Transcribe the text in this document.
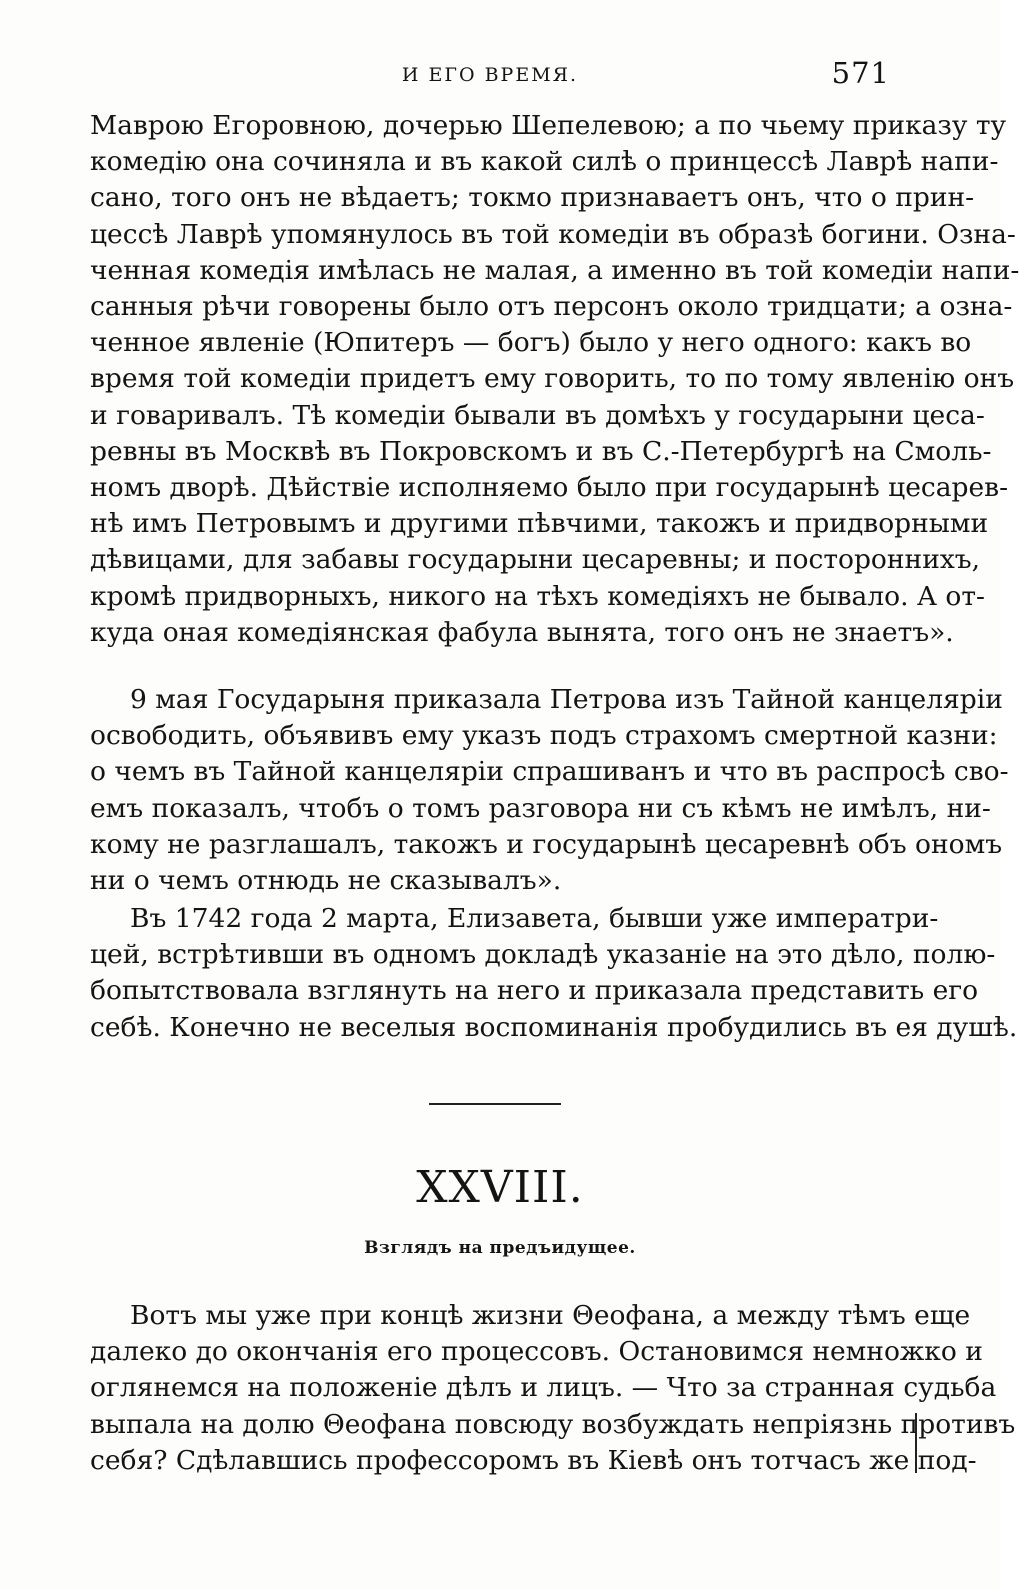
И ЕГО ВРЕМЯ.	571

Маврою Егоровною, дочерью Шепелевою; а по чьему приказу ту
комедію она сочиняла и въ какой силѣ о принцессѣ Лаврѣ напи-
сано, того онъ не вѣдаетъ; токмо признаваетъ онъ, что о прин-
цессѣ Лаврѣ упомянулось въ той комедіи въ образѣ богини. Озна-
ченная комедія имѣлась не малая, а именно въ той комедіи напи-
санныя рѣчи говорены было отъ персонъ около тридцати; а озна-
ченное явленіе (Юпитеръ — богъ) было у него одного: какъ во
время той комедіи придетъ ему говорить, то по тому явленію онъ
и говаривалъ. Тѣ комедіи бывали въ домѣхъ у государыни цеса-
ревны въ Москвѣ въ Покровскомъ и въ С.-Петербургѣ на Смоль-
номъ дворѣ. Дѣйствіе исполняемо было при государынѣ цесарев-
нѣ имъ Петровымъ и другими пѣвчими, такожъ и придворными
дѣвицами, для забавы государыни цесаревны; и постороннихъ,
кромѣ придворныхъ, никого на тѣхъ комедіяхъ не бывало. А от-
куда оная комедіянская фабула вынята, того онъ не знаетъ».

9 мая Государыня приказала Петрова изъ Тайной канцеляріи
освободить, объявивъ ему указъ подъ страхомъ смертной казни:
о чемъ въ Тайной канцеляріи спрашиванъ и что въ распросѣ сво-
емъ показалъ, чтобъ о томъ разговора ни съ кѣмъ не имѣлъ, ни-
кому не разглашалъ, такожъ и государынѣ цесаревнѣ объ ономъ
ни о чемъ отнюдь не сказывалъ».

Въ 1742 года 2 марта, Елизавета, бывши уже императри-
цей, встрѣтивши въ одномъ докладѣ указаніе на это дѣло, полю-
бопытствовала взглянуть на него и приказала представить его
себѣ. Конечно не веселыя воспоминанія пробудились въ ея душѣ.

XXVIII.
Взглядъ на предъидущее.

Вотъ мы уже при концѣ жизни Θеофана, а между тѣмъ еще
далеко до окончанія его процессовъ. Остановимся немножко и
оглянемся на положеніе дѣлъ и лицъ. — Что за странная судьба
выпала на долю Θеофана повсюду возбуждать непріязнь противъ
себя? Сдѣлавшись профессоромъ въ Кіевѣ онъ тотчасъ же под-
